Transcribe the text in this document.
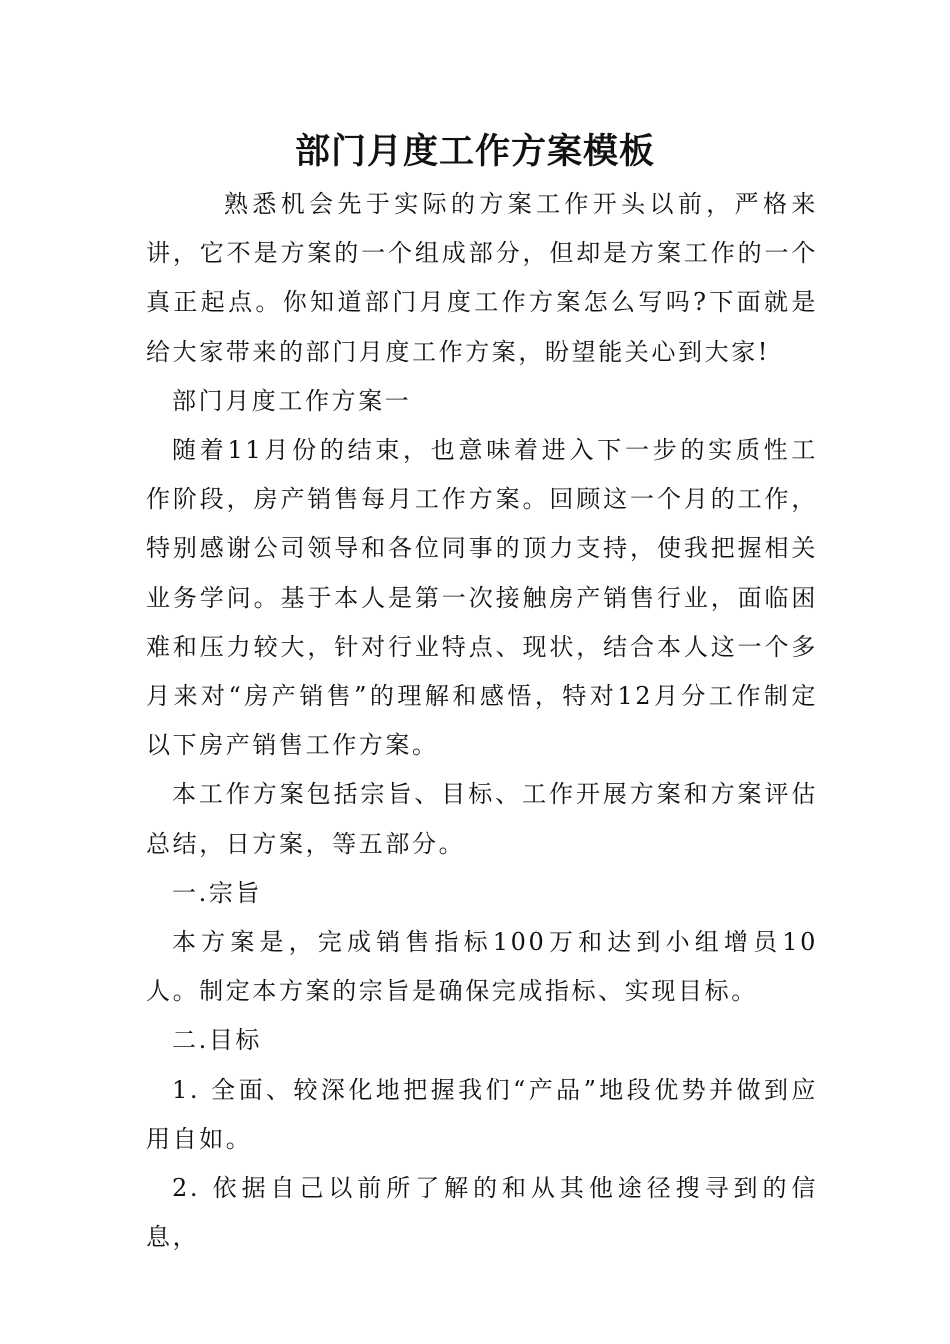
部门月度工作方案模板

熟悉机会先于实际的方案工作开头以前，严格来讲，它不是方案的一个组成部分，但却是方案工作的一个真正起点。你知道部门月度工作方案怎么写吗?下面就是给大家带来的部门月度工作方案，盼望能关心到大家!

部门月度工作方案一

随着11月份的结束，也意味着进入下一步的实质性工作阶段，房产销售每月工作方案。回顾这一个月的工作，特别感谢公司领导和各位同事的顶力支持，使我把握相关业务学问。基于本人是第一次接触房产销售行业，面临困难和压力较大，针对行业特点、现状，结合本人这一个多月来对“房产销售”的理解和感悟，特对12月分工作制定以下房产销售工作方案。

本工作方案包括宗旨、目标、工作开展方案和方案评估总结，日方案，等五部分。

一.宗旨

本方案是，完成销售指标100万和达到小组增员10人。制定本方案的宗旨是确保完成指标、实现目标。

二.目标

1. 全面、较深化地把握我们“产品”地段优势并做到应用自如。

2. 依据自己以前所了解的和从其他途径搜寻到的信息，
